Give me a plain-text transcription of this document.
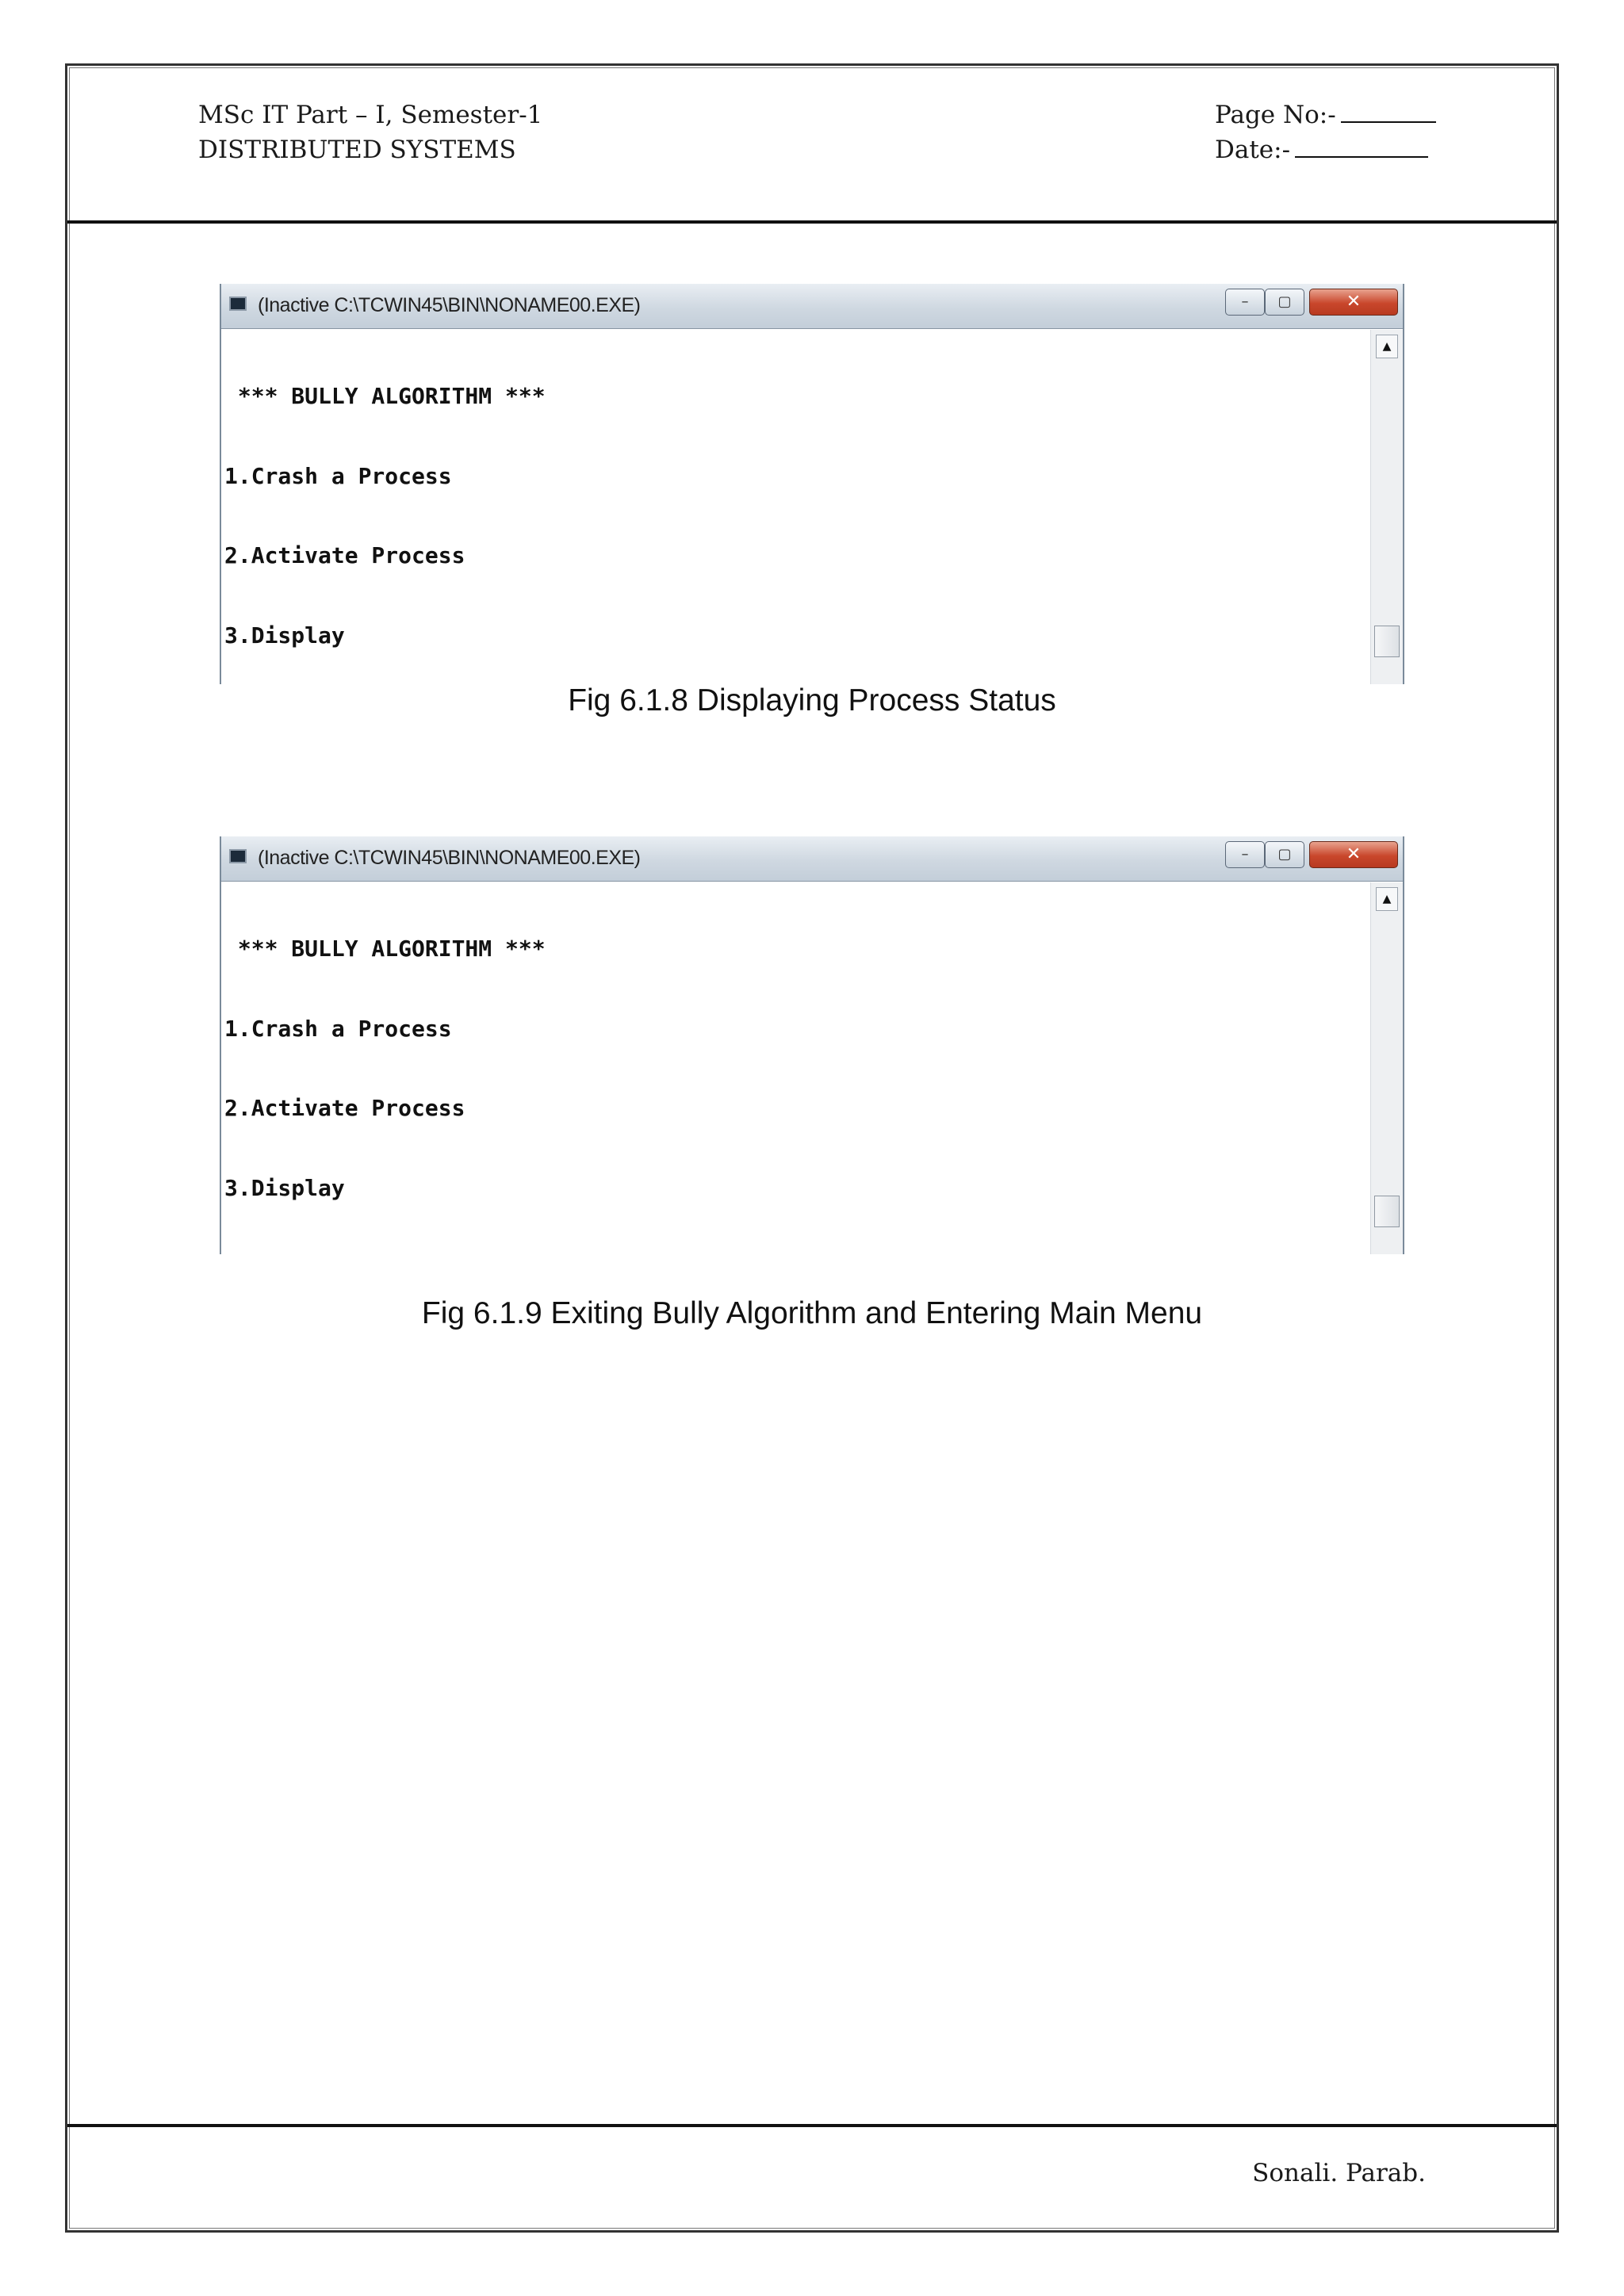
MSc IT Part – I, Semester-1
DISTRIBUTED SYSTEMS
Page No:-
Date:-
Sonali. Parab.
(Inactive C:\TCWIN45\BIN\NONAME00.EXE)	–	▢	✕

*** BULLY ALGORITHM ***

1.Crash a Process

2.Activate Process

3.Display

▲
Fig 6.1.8 Displaying Process Status
(Inactive C:\TCWIN45\BIN\NONAME00.EXE)	–	▢	✕

*** BULLY ALGORITHM ***

1.Crash a Process

2.Activate Process

3.Display

▲
Fig 6.1.9 Exiting Bully Algorithm and Entering Main Menu
